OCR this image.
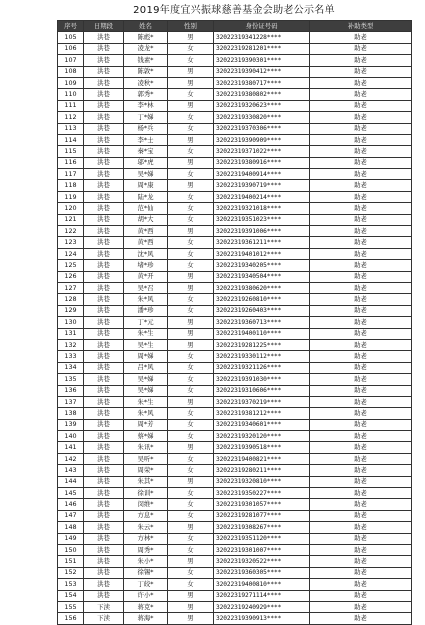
2019年度宜兴振球慈善基金会助老公示名单
序号	日期段	姓名	性别	身份证号码	补助类型
105	洪巷	陈彪*	男	32022319341228****	助老
106	洪巷	凌龙*	女	32022319281201****	助老
107	洪巷	钱素*	女	32022319390301****	助老
108	洪巷	陈敦*	男	32022319390412****	助老
109	洪巷	凌秋*	男	32022319380717****	助老
110	洪巷	郭秀*	女	32022319380802****	助老
111	洪巷	李*林	男	32022319320623****	助老
112	洪巷	丁*娣	女	32022319330820****	助老
113	洪巷	杨*兵	女	32022319370306****	助老
114	洪巷	李*士	男	32022319390909****	助老
115	洪巷	秦*宝	女	32022319371022****	助老
116	洪巷	邬*虎	男	32022319380916****	助老
117	洪巷	吴*娣	女	32022319400914****	助老
118	洪巷	周*康	男	32022319390719****	助老
119	洪巷	陆*龙	女	32022319400214****	助老
120	洪巷	范*仙	女	32022319321018****	助老
121	洪巷	胡*大	女	32022319351023****	助老
122	洪巷	黄*西	男	32022319391006****	助老
123	洪巷	黄*西	女	32022319361211****	助老
124	洪巷	沈*风	女	32022319401012****	助老
125	洪巷	堵*珍	女	32022319340205****	助老
126	洪巷	黄*开	男	32022319340504****	助老
127	洪巷	吴*召	男	32022319380620****	助老
128	洪巷	朱*风	女	32022319260810****	助老
129	洪巷	潘*珍	女	32022319260403****	助老
130	洪巷	丁*元	男	32022319360713****	助老
131	洪巷	朱*生	男	32022319400110****	助老
132	洪巷	吴*生	男	32022319281225****	助老
133	洪巷	周*娣	女	32022319330112****	助老
134	洪巷	吕*风	女	32022319321126****	助老
135	洪巷	吴*娣	女	32022319391030****	助老
136	洪巷	吴*娣	女	32022319310606****	助老
137	洪巷	朱*生	男	32022319370219****	助老
138	洪巷	朱*风	女	32022319381212****	助老
139	洪巷	周*芳	女	32022319340601****	助老
140	洪巷	蔡*娣	女	32022319320120****	助老
141	洪巷	朱讯*	男	32022319390518****	助老
142	洪巷	吴听*	女	32022319400821****	助老
143	洪巷	周荣*	女	32022319280211****	助老
144	洪巷	朱其*	男	32022319320810****	助老
145	洪巷	徐训*	女	32022319350227****	助老
146	洪巷	闵维*	女	32022319301057****	助老
147	洪巷	方息*	女	32022319281077****	助老
148	洪巷	朱云*	男	32022319308267****	助老
149	洪巷	方林*	女	32022319351120****	助老
150	洪巷	周秀*	女	32022319301007****	助老
151	洪巷	朱小*	男	32022319320522****	助老
152	洪巷	徐锡*	女	32022319360305****	助老
153	洪巷	丁皎*	女	32022319400810****	助老
154	洪巷	许小*	男	32022319271114****	助老
155	下渎	蒋克*	男	32022319240929****	助老
156	下渎	蒋海*	男	32022319390913****	助老
